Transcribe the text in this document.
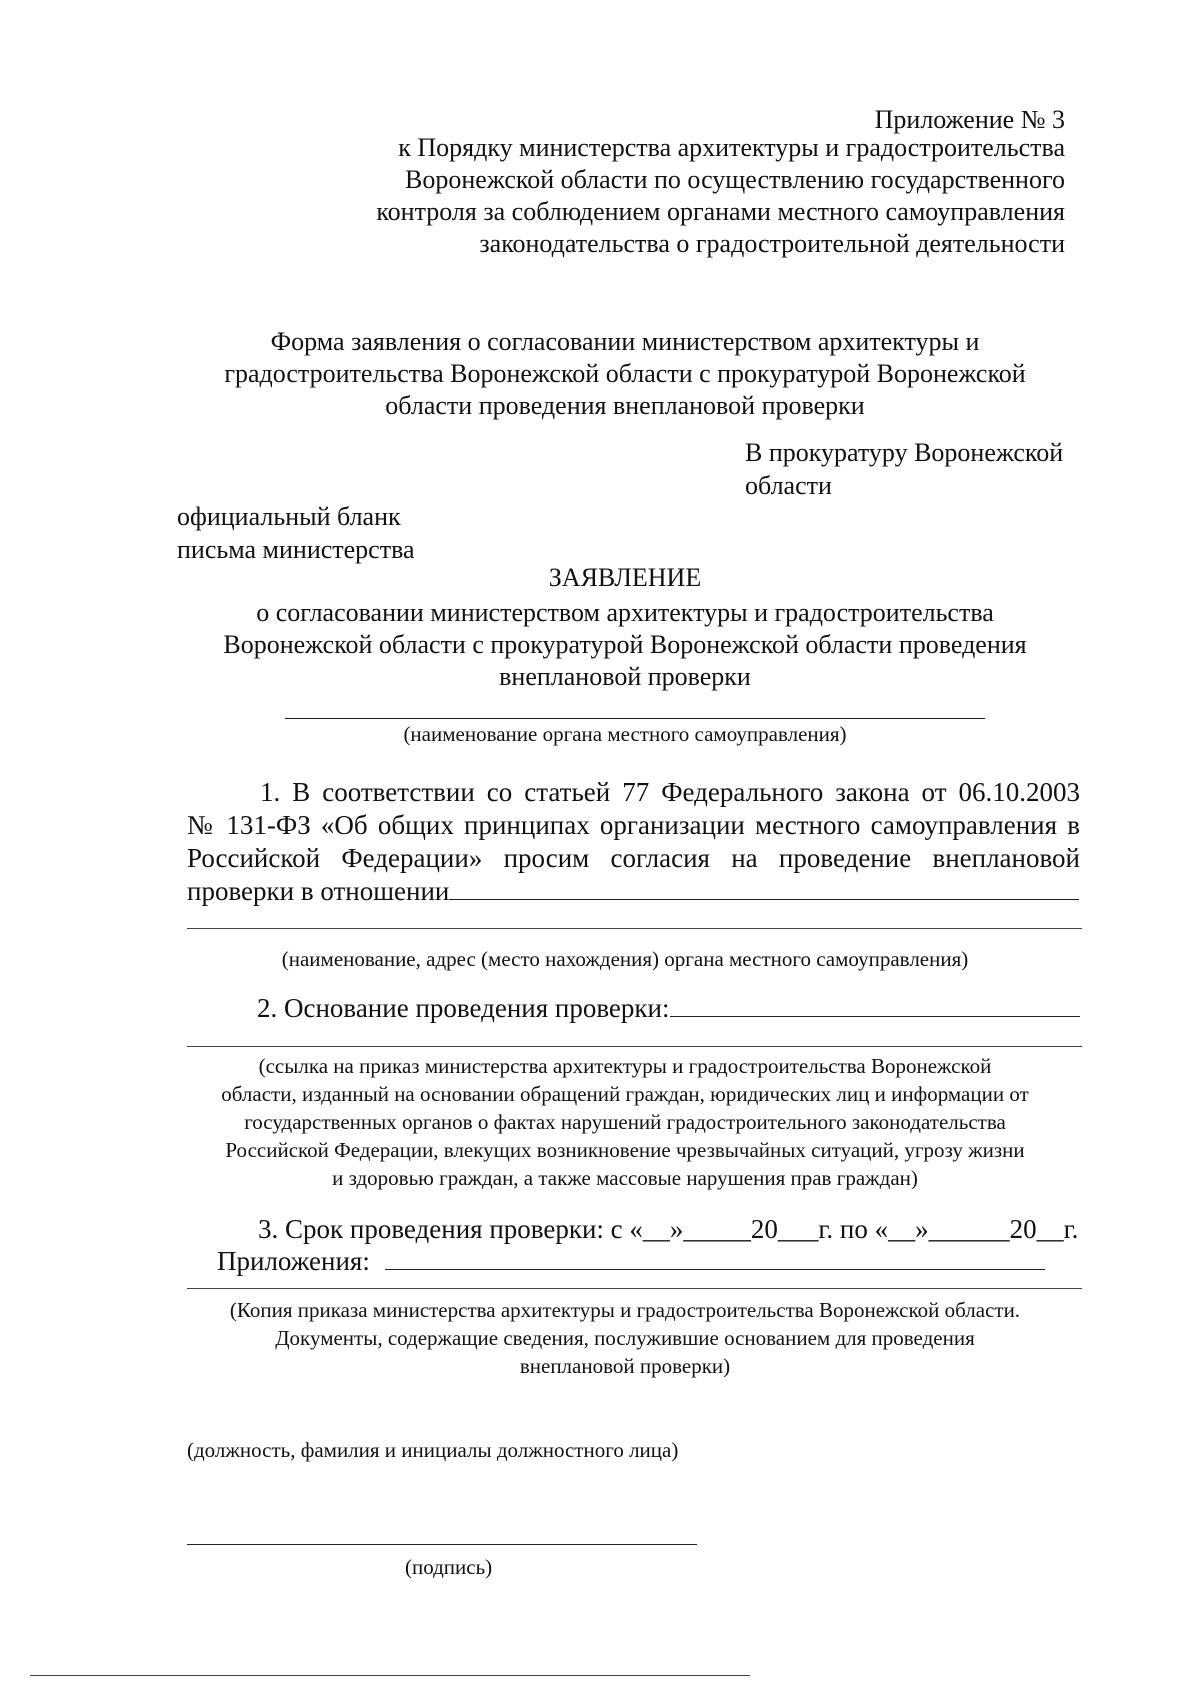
Приложение № 3
к Порядку министерства архитектуры и градостроительства
Воронежской области по осуществлению государственного
контроля за соблюдением органами местного самоуправления
законодательства о градостроительной деятельности
Форма заявления о согласовании министерством архитектуры и
градостроительства Воронежской области с прокуратурой Воронежской
области проведения внеплановой проверки
В прокуратуру Воронежской
области
официальный бланк
письма министерства
ЗАЯВЛЕНИЕ
о согласовании министерством архитектуры и градостроительства
Воронежской области с прокуратурой Воронежской области проведения
внеплановой проверки
(наименование органа местного самоуправления)
1. В соответствии со статьей 77 Федерального закона от 06.10.2003
№ 131-ФЗ «Об общих принципах организации местного самоуправления в
Российской Федерации» просим согласия на проведение внеплановой
проверки в отношении
(наименование, адрес (место нахождения) органа местного самоуправления)
2. Основание проведения проверки:
(ссылка на приказ министерства архитектуры и градостроительства Воронежской
области, изданный на основании обращений граждан, юридических лиц и информации от
государственных органов о фактах нарушений градостроительного законодательства
Российской Федерации, влекущих возникновение чрезвычайных ситуаций, угрозу жизни
и здоровью граждан, а также массовые нарушения прав граждан)
3. Срок проведения проверки: с «__»_____20___г. по «__»______20__г.
Приложения:
(Копия приказа министерства архитектуры и градостроительства Воронежской области.
Документы, содержащие сведения, послужившие основанием для проведения
внеплановой проверки)
(должность, фамилия и инициалы должностного лица)
(подпись)
